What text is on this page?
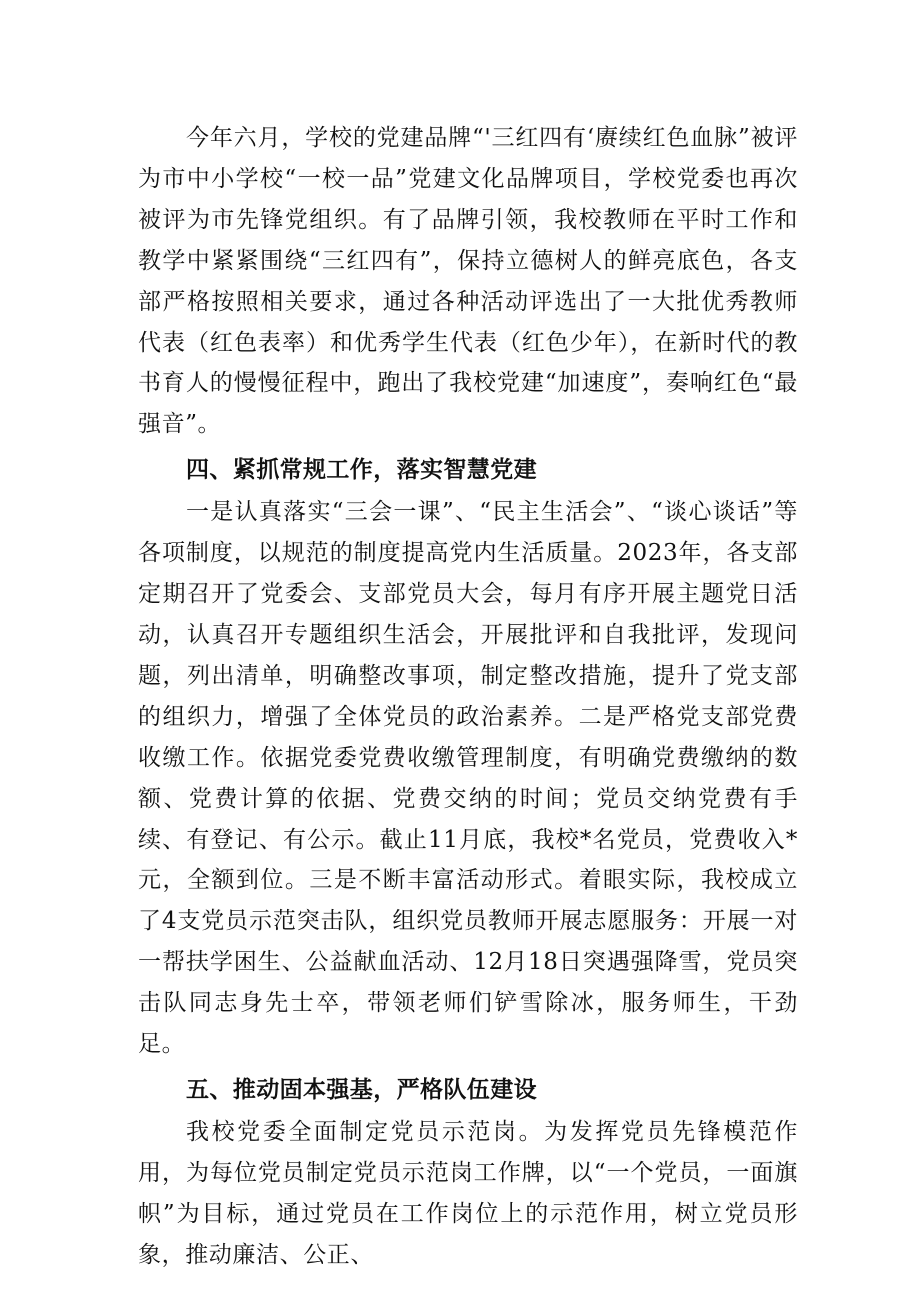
今年六月，学校的党建品牌“'三红四有‘赓续红色血脉”被评为市中小学校“一校一品”党建文化品牌项目，学校党委也再次被评为市先锋党组织。有了品牌引领，我校教师在平时工作和教学中紧紧围绕“三红四有”，保持立德树人的鲜亮底色，各支部严格按照相关要求，通过各种活动评选出了一大批优秀教师代表（红色表率）和优秀学生代表（红色少年），在新时代的教书育人的慢慢征程中，跑出了我校党建“加速度”，奏响红色“最强音”。

四、紧抓常规工作，落实智慧党建

一是认真落实“三会一课”、“民主生活会”、“谈心谈话”等各项制度，以规范的制度提高党内生活质量。2023年，各支部定期召开了党委会、支部党员大会，每月有序开展主题党日活动，认真召开专题组织生活会，开展批评和自我批评，发现问题，列出清单，明确整改事项，制定整改措施，提升了党支部的组织力，增强了全体党员的政治素养。二是严格党支部党费收缴工作。依据党委党费收缴管理制度，有明确党费缴纳的数额、党费计算的依据、党费交纳的时间；党员交纳党费有手续、有登记、有公示。截止11月底，我校*名党员，党费收入*元，全额到位。三是不断丰富活动形式。着眼实际，我校成立了4支党员示范突击队，组织党员教师开展志愿服务：开展一对一帮扶学困生、公益献血活动、12月18日突遇强降雪，党员突击队同志身先士卒，带领老师们铲雪除冰，服务师生，干劲足。

五、推动固本强基，严格队伍建设

我校党委全面制定党员示范岗。为发挥党员先锋模范作用，为每位党员制定党员示范岗工作牌，以“一个党员，一面旗帜”为目标，通过党员在工作岗位上的示范作用，树立党员形象，推动廉洁、公正、
